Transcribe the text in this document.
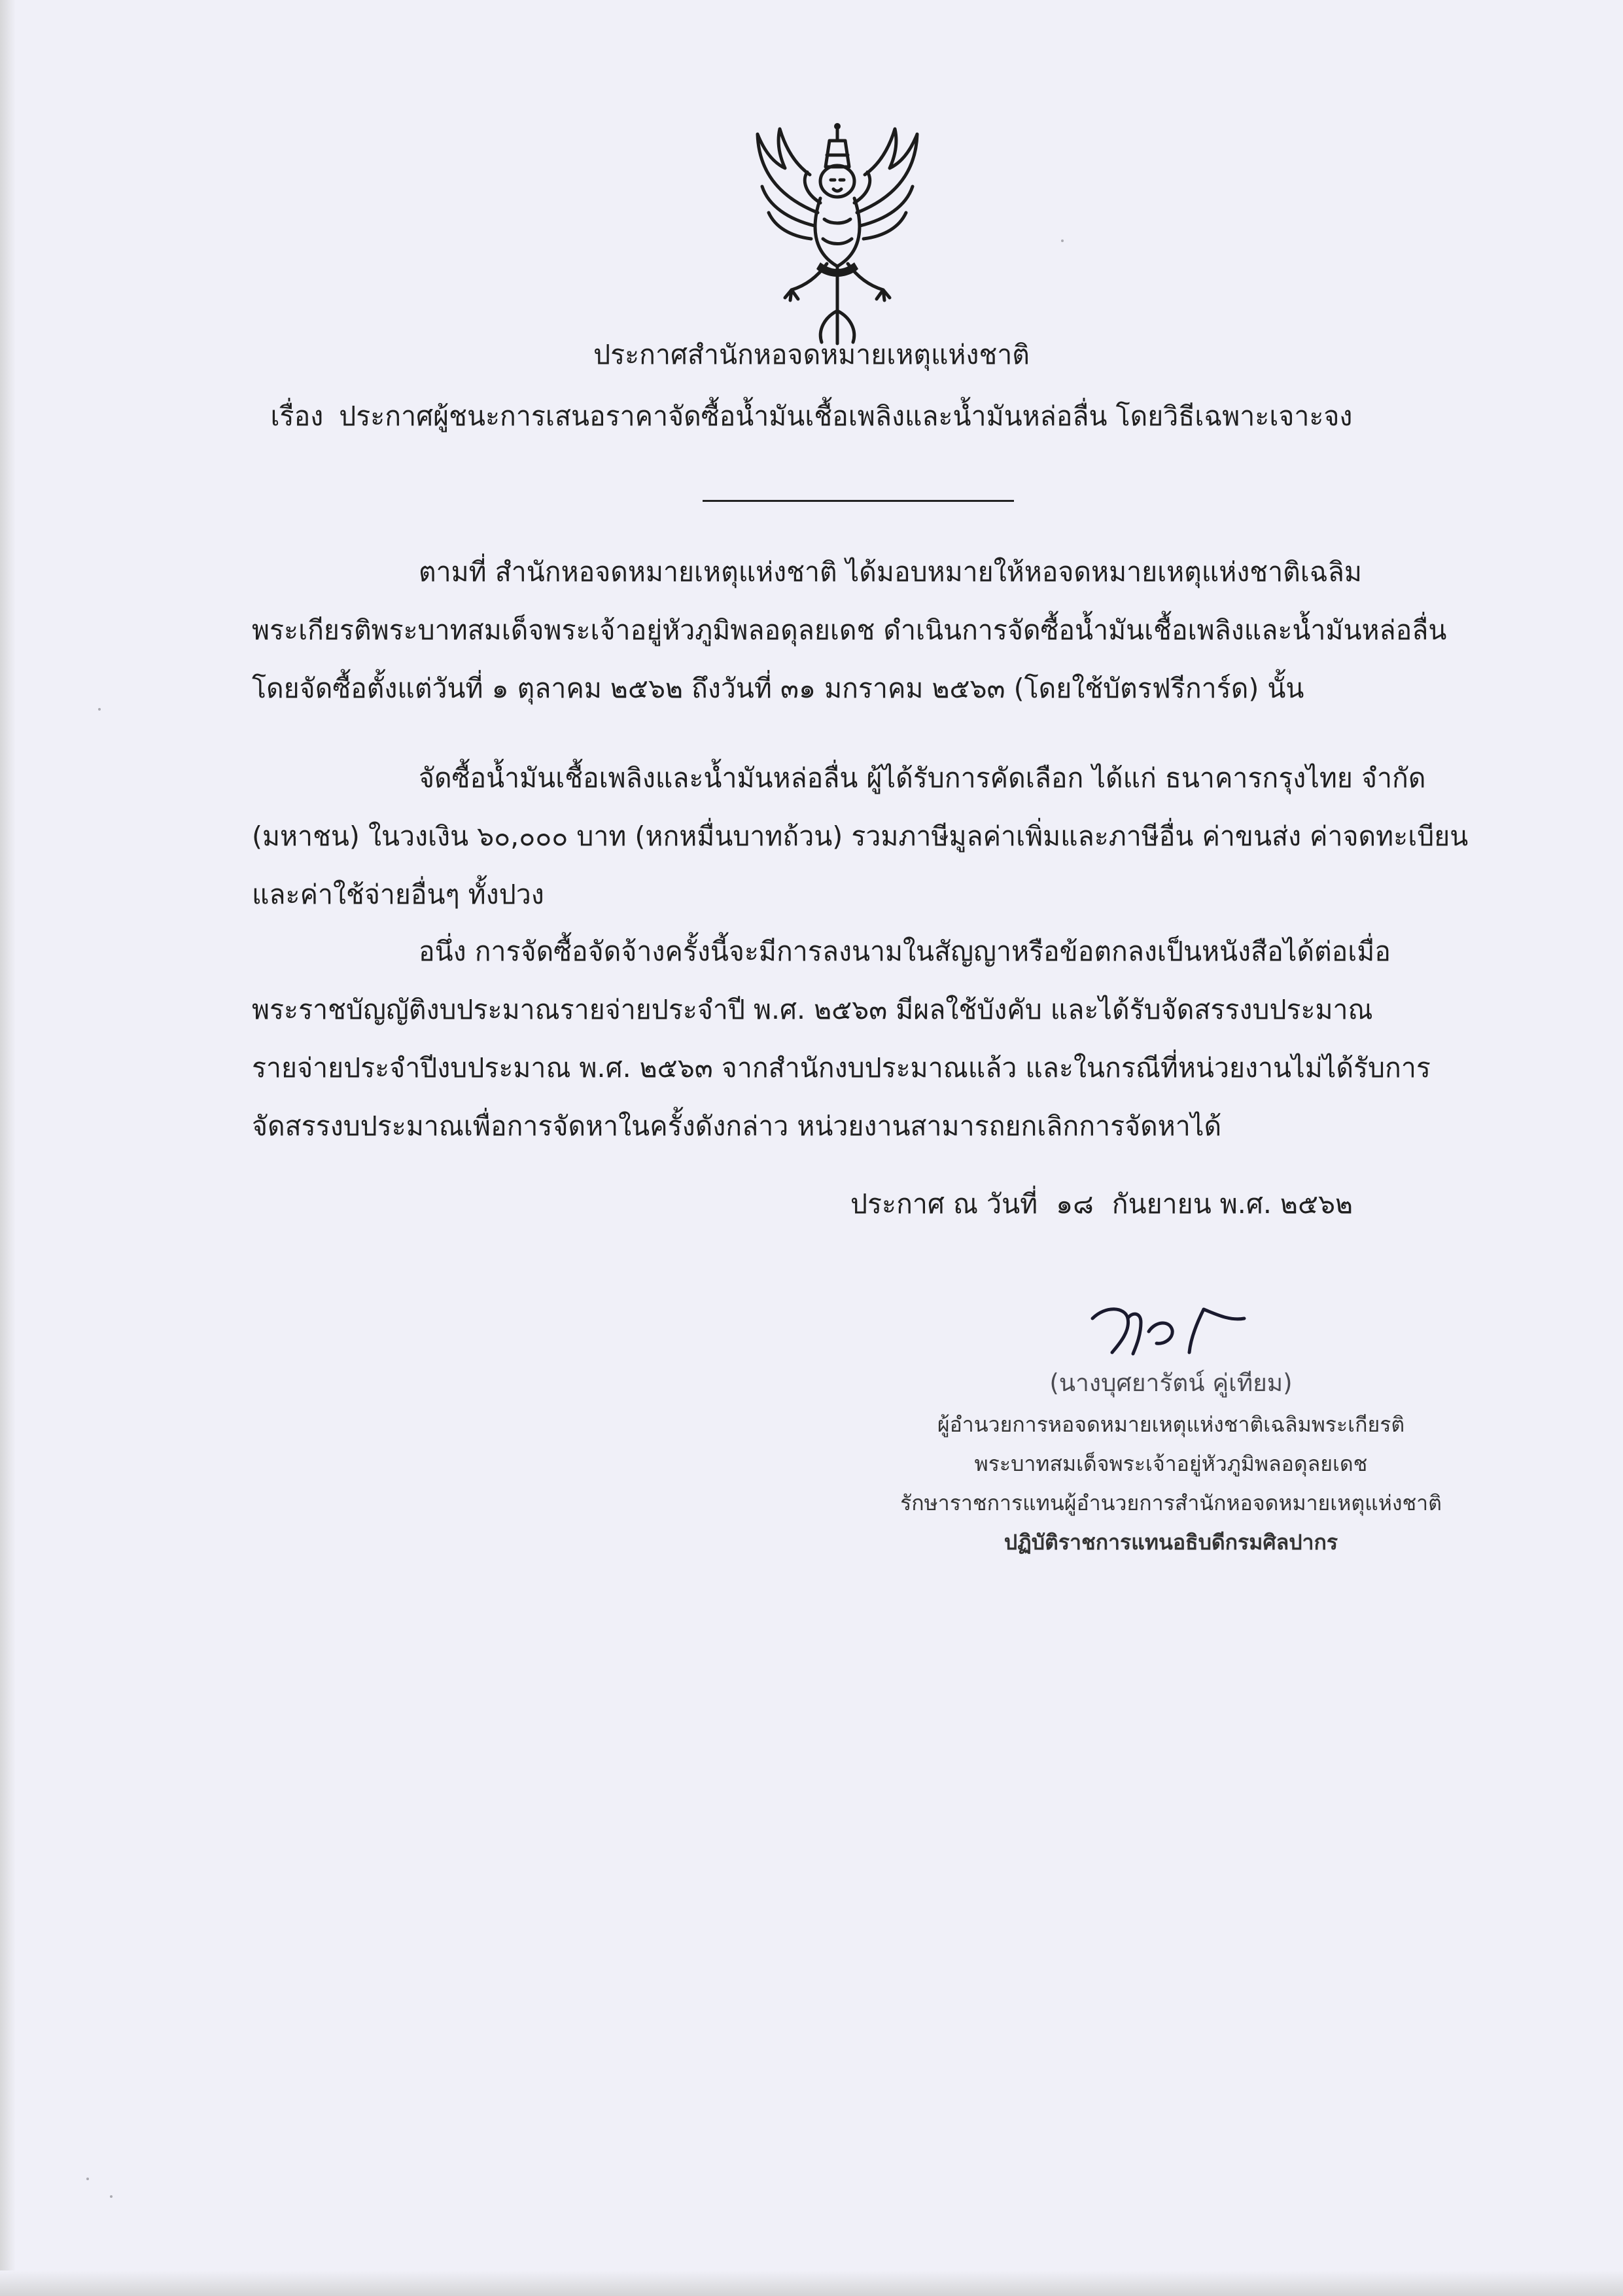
ประกาศสำนักหอจดหมายเหตุแห่งชาติ
เรื่อง ประกาศผู้ชนะการเสนอราคาจัดซื้อน้ำมันเชื้อเพลิงและน้ำมันหล่อลื่น โดยวิธีเฉพาะเจาะจง
ตามที่ สำนักหอจดหมายเหตุแห่งชาติ ได้มอบหมายให้หอจดหมายเหตุแห่งชาติเฉลิม
พระเกียรติพระบาทสมเด็จพระเจ้าอยู่หัวภูมิพลอดุลยเดช ดำเนินการจัดซื้อน้ำมันเชื้อเพลิงและน้ำมันหล่อลื่น
โดยจัดซื้อตั้งแต่วันที่ ๑ ตุลาคม ๒๕๖๒ ถึงวันที่ ๓๑ มกราคม ๒๕๖๓ (โดยใช้บัตรฟรีการ์ด) นั้น
จัดซื้อน้ำมันเชื้อเพลิงและน้ำมันหล่อลื่น ผู้ได้รับการคัดเลือก ได้แก่ ธนาคารกรุงไทย จำกัด
(มหาชน) ในวงเงิน ๖๐,๐๐๐ บาท (หกหมื่นบาทถ้วน) รวมภาษีมูลค่าเพิ่มและภาษีอื่น ค่าขนส่ง ค่าจดทะเบียน
และค่าใช้จ่ายอื่นๆ ทั้งปวง
อนึ่ง การจัดซื้อจัดจ้างครั้งนี้จะมีการลงนามในสัญญาหรือข้อตกลงเป็นหนังสือได้ต่อเมื่อ
พระราชบัญญัติงบประมาณรายจ่ายประจำปี พ.ศ. ๒๕๖๓ มีผลใช้บังคับ และได้รับจัดสรรงบประมาณ
รายจ่ายประจำปีงบประมาณ พ.ศ. ๒๕๖๓ จากสำนักงบประมาณแล้ว และในกรณีที่หน่วยงานไม่ได้รับการ
จัดสรรงบประมาณเพื่อการจัดหาในครั้งดังกล่าว หน่วยงานสามารถยกเลิกการจัดหาได้
ประกาศ ณ วันที่ ๑๘ กันยายน พ.ศ. ๒๕๖๒
(นางบุศยารัตน์ คู่เทียม)
ผู้อำนวยการหอจดหมายเหตุแห่งชาติเฉลิมพระเกียรติ
พระบาทสมเด็จพระเจ้าอยู่หัวภูมิพลอดุลยเดช
รักษาราชการแทนผู้อำนวยการสำนักหอจดหมายเหตุแห่งชาติ
ปฏิบัติราชการแทนอธิบดีกรมศิลปากร
